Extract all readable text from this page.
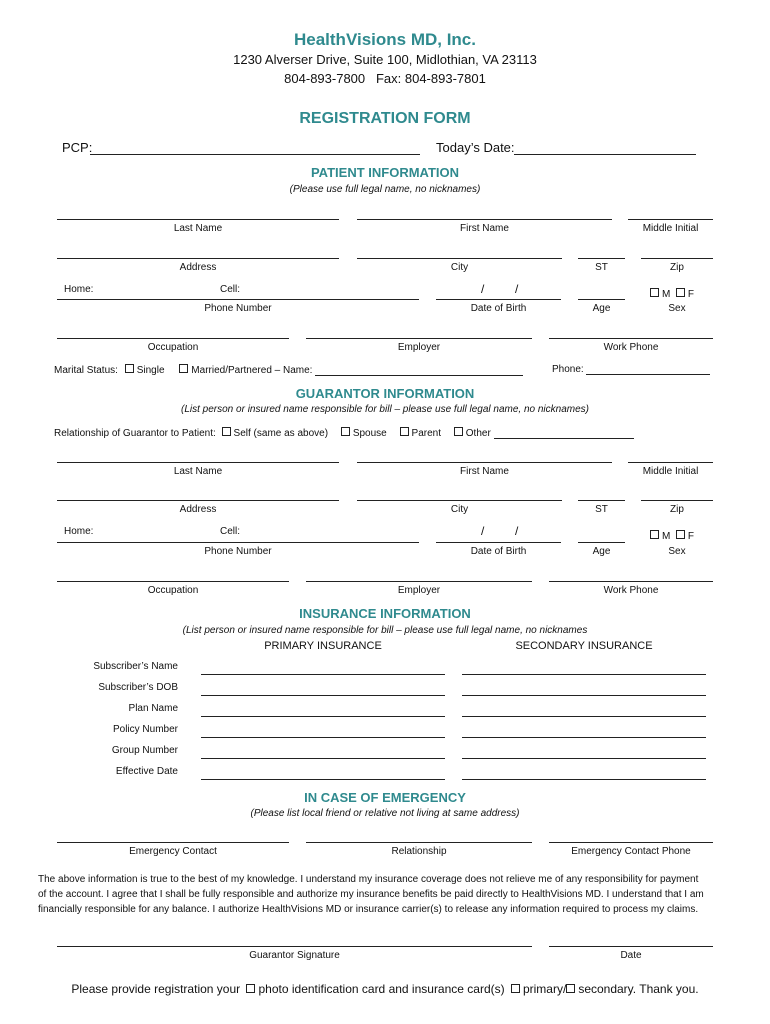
HealthVisions MD, Inc.
1230 Alverser Drive, Suite 100, Midlothian, VA 23113
804-893-7800   Fax: 804-893-7801
REGISTRATION FORM
PCP:	Today’s Date:
PATIENT INFORMATION
(Please use full legal name, no nicknames)
Last Name	First Name	Middle Initial
Address	City	ST	Zip
Home:	Cell:	/	/	M F
Phone Number	Date of Birth	Age	Sex
Occupation	Employer	Work Phone
Marital Status: Single	Married/Partnered – Name:	Phone:
GUARANTOR INFORMATION
(List person or insured name responsible for bill – please use full legal name, no nicknames)
Relationship of Guarantor to Patient: Self (same as above) Spouse Parent Other
Last Name	First Name	Middle Initial
Address	City	ST	Zip
Home:	Cell:	/	/	M F
Phone Number	Date of Birth	Age	Sex
Occupation	Employer	Work Phone
INSURANCE INFORMATION
(List person or insured name responsible for bill – please use full legal name, no nicknames
PRIMARY INSURANCE	SECONDARY INSURANCE
Subscriber’s Name
Subscriber’s DOB
Plan Name
Policy Number
Group Number
Effective Date
IN CASE OF EMERGENCY
(Please list local friend or relative not living at same address)
Emergency Contact	Relationship	Emergency Contact Phone
The above information is true to the best of my knowledge. I understand my insurance coverage does not relieve me of any responsibility for payment
of the account. I agree that I shall be fully responsible and authorize my insurance benefits be paid directly to HealthVisions MD. I understand that I am
financially responsible for any balance. I authorize HealthVisions MD or insurance carrier(s) to release any information required to process my claims.
Guarantor Signature	Date
Please provide registration your photo identification card and insurance card(s) primary/ secondary. Thank you.
